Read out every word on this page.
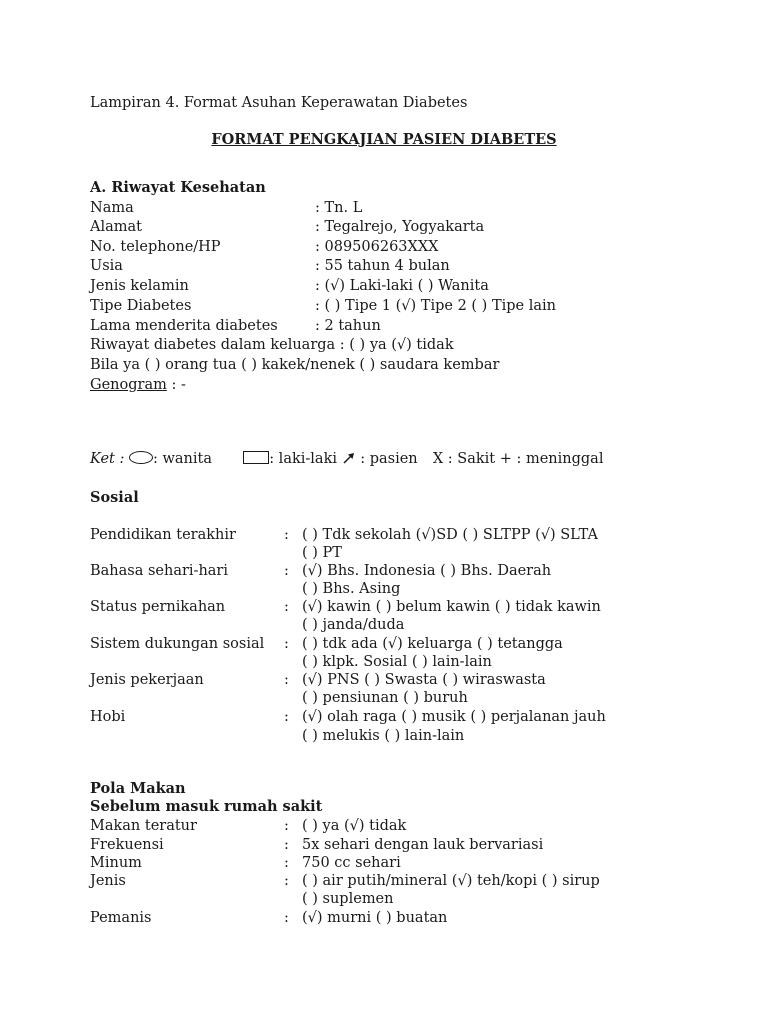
Lampiran 4. Format Asuhan Keperawatan Diabetes
FORMAT PENGKAJIAN PASIEN DIABETES
A. Riwayat Kesehatan
Nama	: Tn. L
Alamat	: Tegalrejo, Yogyakarta
No. telephone/HP	: 089506263XXX
Usia	: 55 tahun 4 bulan
Jenis kelamin	: (√) Laki-laki ( ) Wanita
Tipe Diabetes	: ( ) Tipe 1 (√) Tipe 2 ( ) Tipe lain
Lama menderita diabetes	: 2 tahun
Riwayat diabetes dalam keluarga : ( ) ya (√) tidak
Bila ya ( ) orang tua ( ) kakek/nenek ( ) saudara kembar
Genogram : -
Ket : : wanita	: laki-laki : pasien X : Sakit + : meninggal
Sosial
Pendidikan terakhir	: ( ) Tdk sekolah (√)SD ( ) SLTPP (√) SLTA
( ) PT
Bahasa sehari-hari	: (√) Bhs. Indonesia ( ) Bhs. Daerah
( ) Bhs. Asing
Status pernikahan	: (√) kawin ( ) belum kawin ( ) tidak kawin
( ) janda/duda
Sistem dukungan sosial : ( ) tdk ada (√) keluarga ( ) tetangga
( ) klpk. Sosial ( ) lain-lain
Jenis pekerjaan	: (√) PNS ( ) Swasta ( ) wiraswasta
( ) pensiunan ( ) buruh
Hobi	: (√) olah raga ( ) musik ( ) perjalanan jauh
( ) melukis ( ) lain-lain
Pola Makan
Sebelum masuk rumah sakit
Makan teratur	: ( ) ya (√) tidak
Frekuensi	: 5x sehari dengan lauk bervariasi
Minum	: 750 cc sehari
Jenis	: ( ) air putih/mineral (√) teh/kopi ( ) sirup
( ) suplemen
Pemanis	: (√) murni ( ) buatan
